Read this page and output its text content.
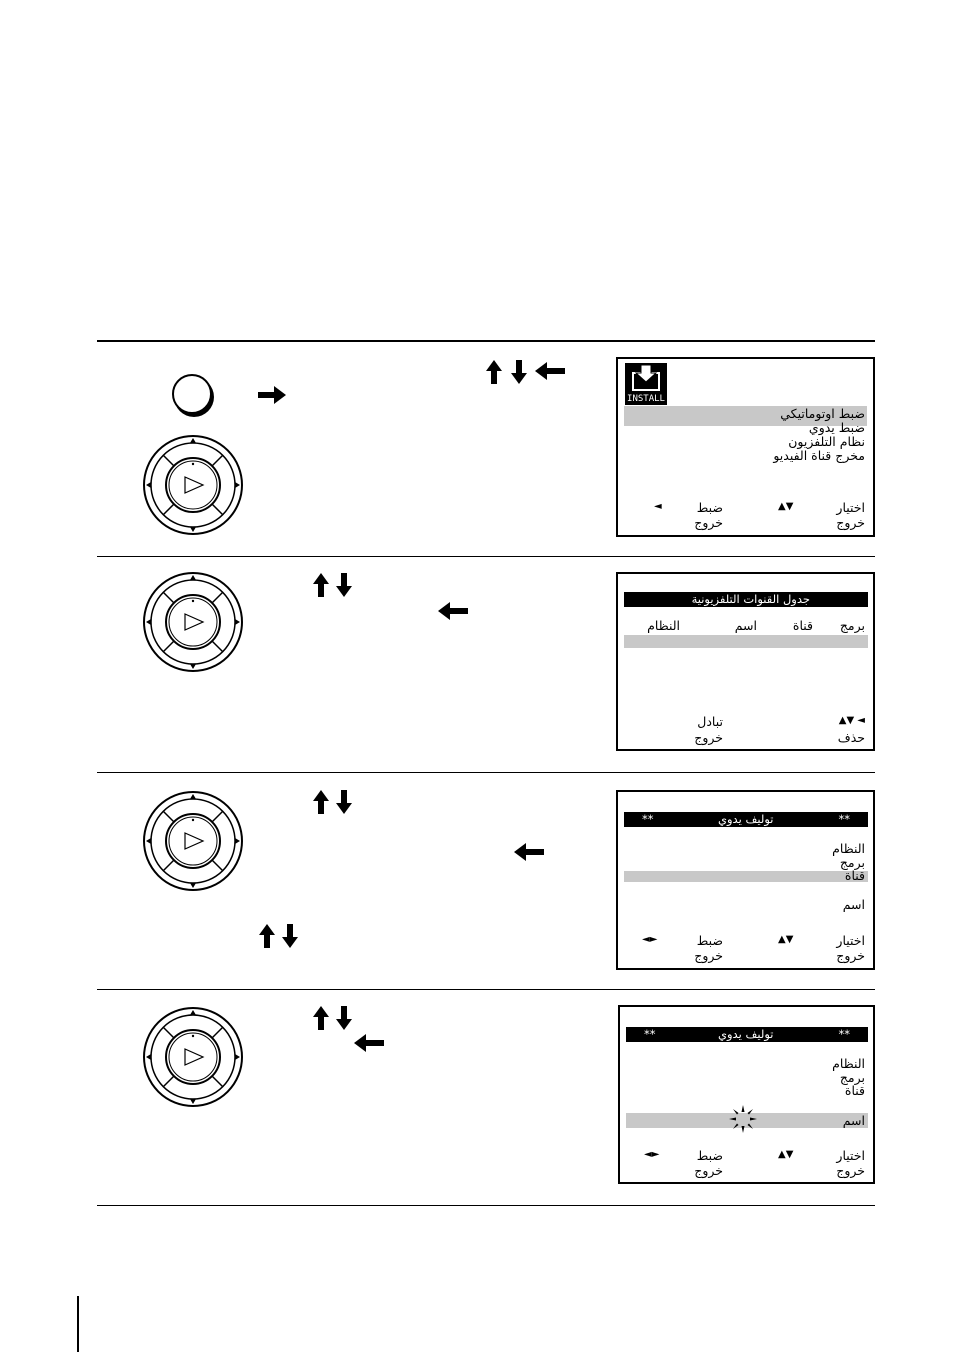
INSTALL
ضبط اوتوماتيكي
ضبط يدوي
نظام التلفزيون
مخرج قناة الفيديو
اختيار
▲▼
ضبط
◄
خروج
خروج
جدول القنوات التلفزيونية
برمج
قناة
اسم
النظام
◄ ▼▲
تبادل
حذف
خروج
**	توليف يدوي	**
النظام
برمج
قناة
اسم
اختيار
▲▼
ضبط
◄►
خروج
خروج
**	توليف يدوي	**
النظام
برمج
قناة
اسم
اختيار
▲▼
ضبط
◄►
خروج
خروج
